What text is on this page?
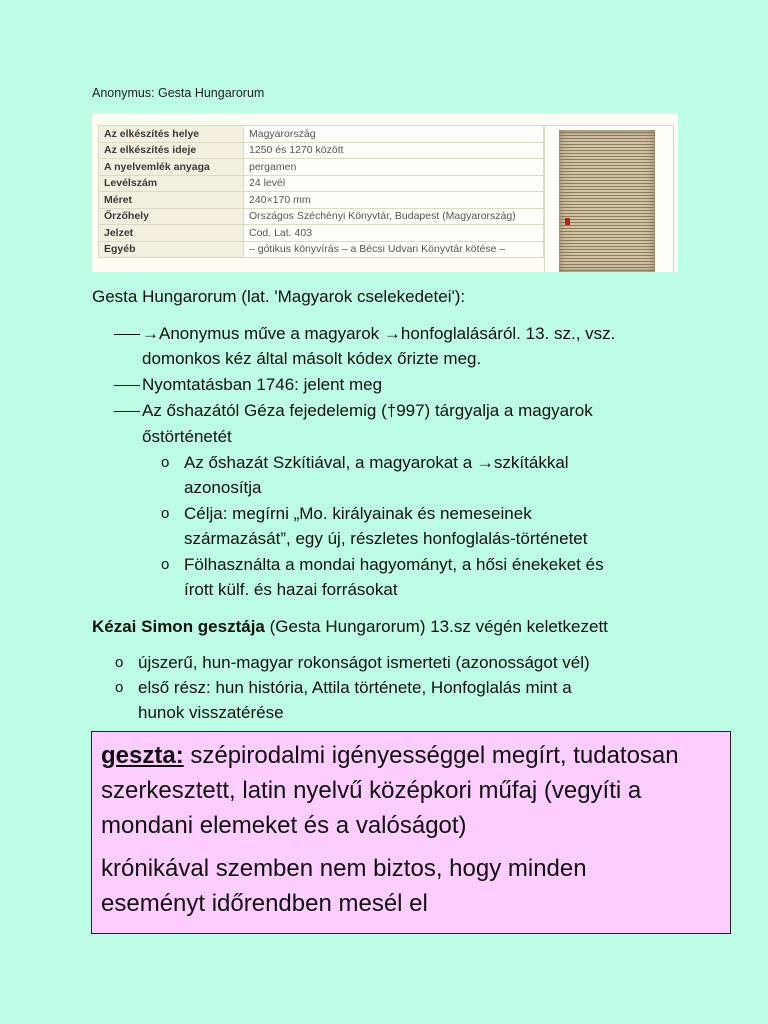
Anonymus: Gesta Hungarorum
Az elkészítés helye	Magyarország
Az elkészítés ideje	1250 és 1270 között
A nyelvemlék anyaga	pergamen
Levélszám	24 levél
Méret	240×170 mm
Őrzőhely	Országos Széchényi Könyvtár, Budapest (Magyarország)
Jelzet	Cod. Lat. 403
Egyéb	– gótikus könyvírás – a Bécsi Udvari Könyvtár kötése –
Gesta Hungarorum (lat. 'Magyarok cselekedetei'):
→Anonymus műve a magyarok →honfoglalásáról. 13. sz., vsz.
domonkos kéz által másolt kódex őrizte meg.
Nyomtatásban 1746: jelent meg
Az őshazától Géza fejedelemig (†997) tárgyalja a magyarok
őstörténetét
o Az őshazát Szkítiával, a magyarokat a →szkítákkal
azonosítja
o Célja: megírni „Mo. királyainak és nemeseinek
származását”, egy új, részletes honfoglalás-történetet
o Fölhasználta a mondai hagyományt, a hősi énekeket és
írott külf. és hazai forrásokat
Kézai Simon gesztája (Gesta Hungarorum) 13.sz végén keletkezett
o újszerű, hun-magyar rokonságot ismerteti (azonosságot vél)
o első rész: hun história, Attila története, Honfoglalás mint a
hunok visszatérése
geszta: szépirodalmi igényességgel megírt, tudatosan
szerkesztett, latin nyelvű középkori műfaj (vegyíti a
mondani elemeket és a valóságot)
krónikával szemben nem biztos, hogy minden
eseményt időrendben mesél el
